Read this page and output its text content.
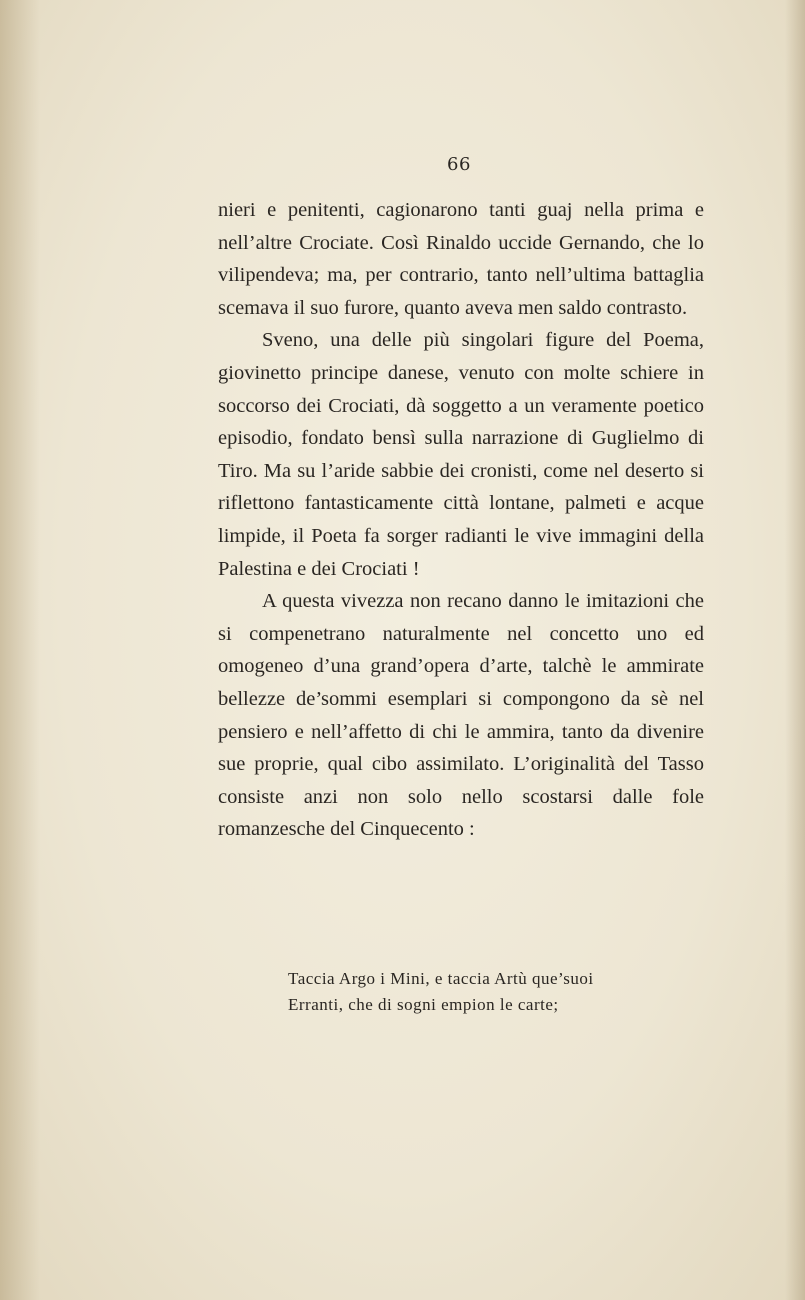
66

nieri e penitenti, cagionarono tanti guaj nella prima e nell’altre Crociate. Così Rinaldo uccide Gernando, che lo vilipendeva; ma, per contrario, tanto nell’ultima battaglia scemava il suo furore, quanto aveva men saldo contrasto.

Sveno, una delle più singolari figure del Poema, giovinetto principe danese, venuto con molte schiere in soccorso dei Crociati, dà soggetto a un veramente poetico episodio, fondato bensì sulla narrazione di Guglielmo di Tiro. Ma su l’aride sabbie dei cronisti, come nel deserto si riflettono fantasticamente città lontane, palmeti e acque limpide, il Poeta fa sorger radianti le vive immagini della Palestina e dei Crociati !

A questa vivezza non recano danno le imitazioni che si compenetrano naturalmente nel concetto uno ed omogeneo d’una grand’opera d’arte, talchè le ammirate bellezze de’sommi esemplari si compongono da sè nel pensiero e nell’affetto di chi le ammira, tanto da divenire sue proprie, qual cibo assimilato. L’originalità del Tasso consiste anzi non solo nello scostarsi dalle fole romanzesche del Cinquecento :

Taccia Argo i Mini, e taccia Artù que’suoi
Erranti, che di sogni empion le carte;
